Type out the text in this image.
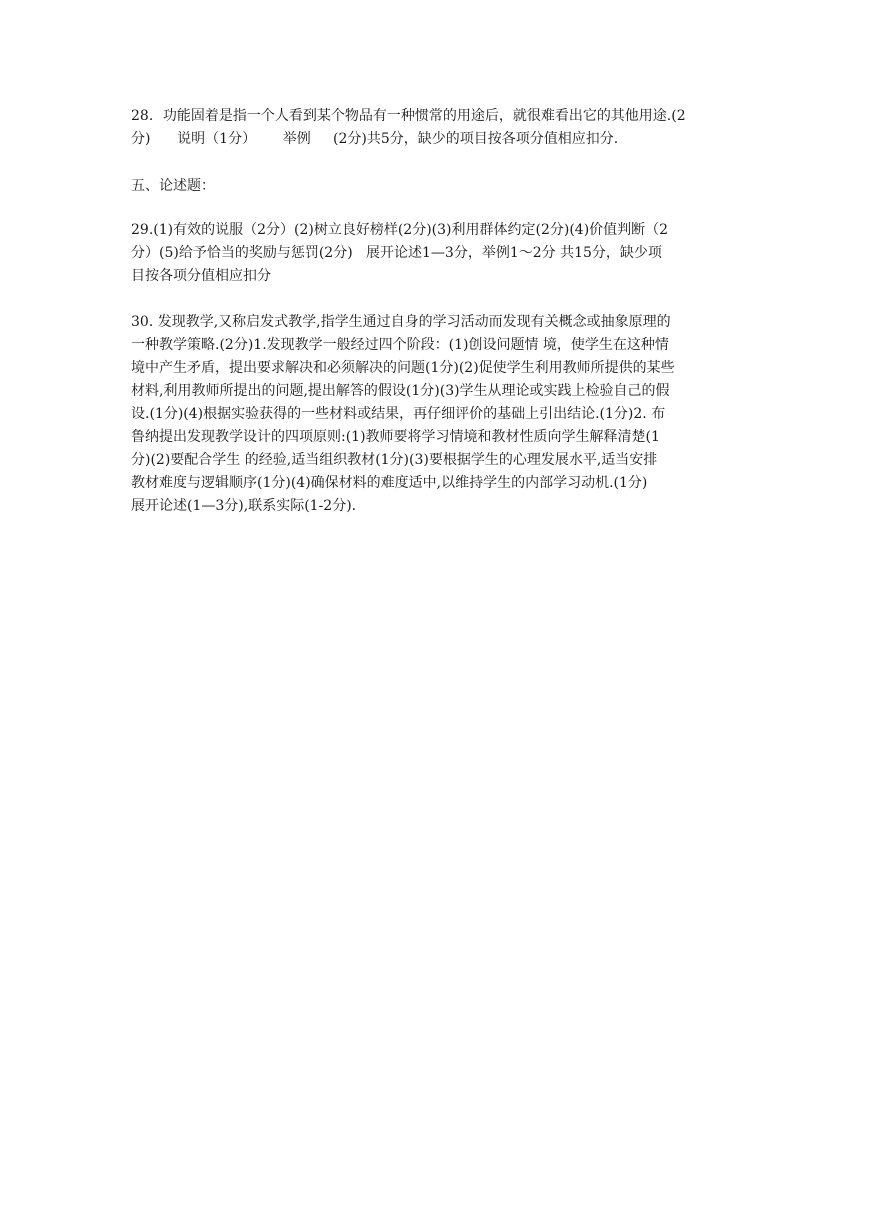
28．功能固着是指一个人看到某个物品有一种惯常的用途后，就很难看出它的其他用途.(2
分)      说明（1分）      举例     (2分)共5分，缺少的项目按各项分值相应扣分.
五、论述题：
29.(1)有效的说服（2分）(2)树立良好榜样(2分)(3)利用群体约定(2分)(4)价值判断（2
分）(5)给予恰当的奖励与惩罚(2分)   展开论述1—3分，举例1～2分 共15分，缺少项
目按各项分值相应扣分
30. 发现教学,又称启发式教学,指学生通过自身的学习活动而发现有关概念或抽象原理的
一种教学策略.(2分)1.发现教学一般经过四个阶段：(1)创设问题情 境，使学生在这种情
境中产生矛盾，提出要求解决和必须解决的问题(1分)(2)促使学生利用教师所提供的某些
材料,利用教师所提出的问题,提出解答的假设(1分)(3)学生从理论或实践上检验自己的假
设.(1分)(4)根据实验获得的一些材料或结果，再仔细评价的基础上引出结论.(1分)2. 布
鲁纳提出发现教学设计的四项原则:(1)教师要将学习情境和教材性质向学生解释清楚(1
分)(2)要配合学生 的经验,适当组织教材(1分)(3)要根据学生的心理发展水平,适当安排
教材难度与逻辑顺序(1分)(4)确保材料的难度适中,以维持学生的内部学习动机.(1分)
展开论述(1—3分),联系实际(1-2分).
